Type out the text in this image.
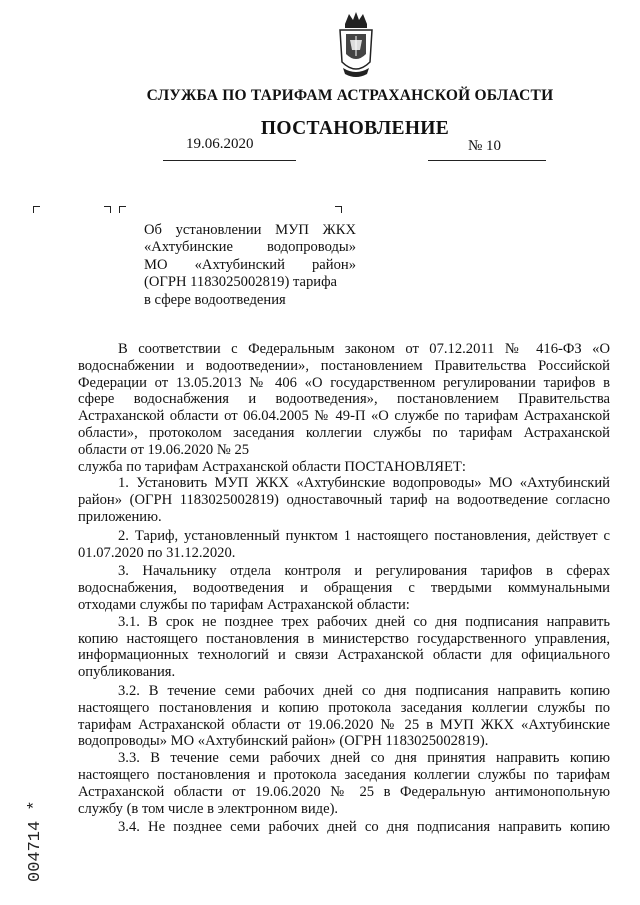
СЛУЖБА ПО ТАРИФАМ АСТРАХАНСКОЙ ОБЛАСТИ
ПОСТАНОВЛЕНИЕ
19.06.2020	№ 10
Об установлении МУП ЖКХ
«Ахтубинские водопроводы»
МО «Ахтубинский район»
(ОГРН 1183025002819) тарифа
в сфере водоотведения
В соответствии с Федеральным законом от 07.12.2011 № 416-ФЗ «О
водоснабжении и водоотведении», постановлением Правительства Российской
Федерации от 13.05.2013 № 406 «О государственном регулировании тарифов в
сфере водоснабжения и водоотведения», постановлением Правительства
Астраханской области от 06.04.2005 № 49-П «О службе по тарифам Астраханской
области», протоколом заседания коллегии службы по тарифам Астраханской
области от 19.06.2020 № 25
служба по тарифам Астраханской области ПОСТАНОВЛЯЕТ:
1. Установить МУП ЖКХ «Ахтубинские водопроводы» МО «Ахтубинский
район» (ОГРН 1183025002819) одноставочный тариф на водоотведение согласно
приложению.
2. Тариф, установленный пунктом 1 настоящего постановления, действует с
01.07.2020 по 31.12.2020.
3. Начальнику отдела контроля и регулирования тарифов в сферах
водоснабжения, водоотведения и обращения с твердыми коммунальными
отходами службы по тарифам Астраханской области:
3.1. В срок не позднее трех рабочих дней со дня подписания направить
копию настоящего постановления в министерство государственного управления,
информационных технологий и связи Астраханской области для официального
опубликования.
3.2. В течение семи рабочих дней со дня подписания направить копию
настоящего постановления и копию протокола заседания коллегии службы по
тарифам Астраханской области от 19.06.2020 № 25 в МУП ЖКХ «Ахтубинские
водопроводы» МО «Ахтубинский район» (ОГРН 1183025002819).
3.3. В течение семи рабочих дней со дня принятия направить копию
настоящего постановления и протокола заседания коллегии службы по тарифам
Астраханской области от 19.06.2020 № 25 в Федеральную антимонопольную
службу (в том числе в электронном виде).
3.4. Не позднее семи рабочих дней со дня подписания направить копию
004714 *
